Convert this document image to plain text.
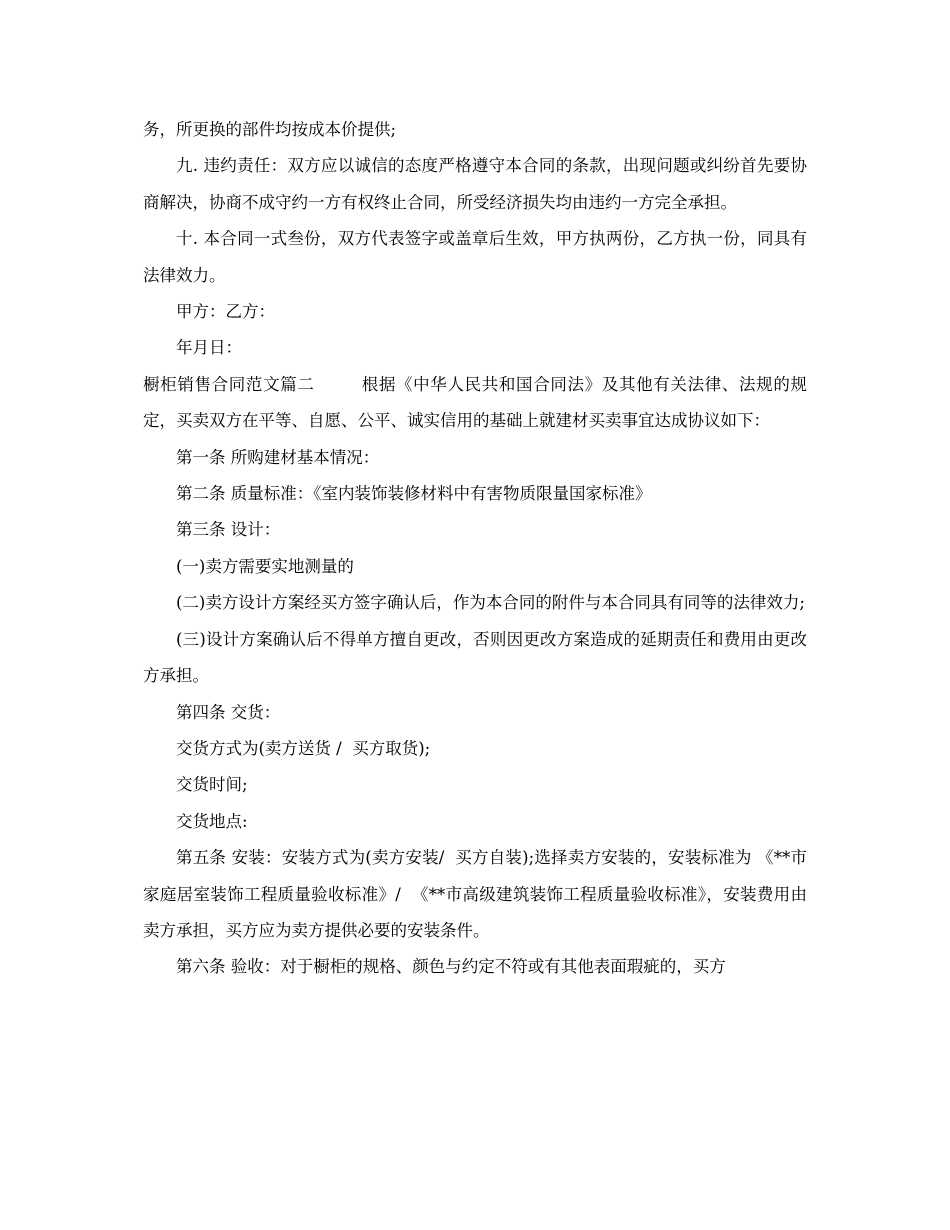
务，所更换的部件均按成本价提供;

九. 违约责任：双方应以诚信的态度严格遵守本合同的条款，出现问题或纠纷首先要协商解决，协商不成守约一方有权终止合同，所受经济损失均由违约一方完全承担。

十. 本合同一式叁份，双方代表签字或盖章后生效，甲方执两份，乙方执一份，同具有法律效力。

甲方：乙方：

年月日：

橱柜销售合同范文篇二        根据《中华人民共和国合同法》及其他有关法律、法规的规定，买卖双方在平等、自愿、公平、诚实信用的基础上就建材买卖事宜达成协议如下：

第一条 所购建材基本情况：

第二条 质量标准：《室内装饰装修材料中有害物质限量国家标准》

第三条 设计：

(一)卖方需要实地测量的

(二)卖方设计方案经买方签字确认后，作为本合同的附件与本合同具有同等的法律效力;

(三)设计方案确认后不得单方擅自更改，否则因更改方案造成的延期责任和费用由更改方承担。

第四条 交货：

交货方式为(卖方送货 /  买方取货);

交货时间;

交货地点:

第五条 安装：安装方式为(卖方安装/  买方自装);选择卖方安装的，安装标准为 《**市家庭居室装饰工程质量验收标准》/  《**市高级建筑装饰工程质量验收标准》，安装费用由卖方承担，买方应为卖方提供必要的安装条件。

第六条 验收：对于橱柜的规格、颜色与约定不符或有其他表面瑕疵的，买方
